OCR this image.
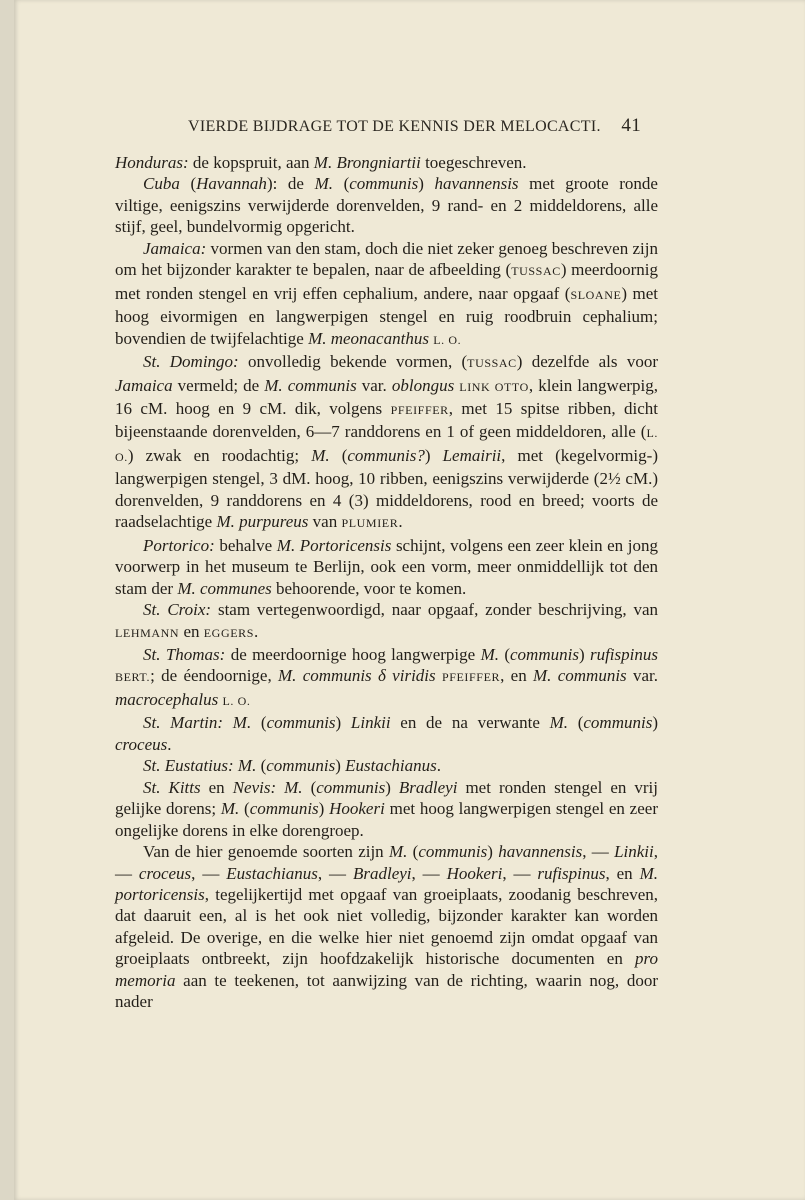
VIERDE BIJDRAGE TOT DE KENNIS DER MELOCACTI. 41

Honduras: de kopspruit, aan M. Brongniartii toegeschreven.

Cuba (Havannah): de M. (communis) havannensis met groote ronde viltige, eenigszins verwijderde dorenvelden, 9 rand- en 2 middeldorens, alle stijf, geel, bundelvormig opgericht.

Jamaica: vormen van den stam, doch die niet zeker genoeg beschreven zijn om het bijzonder karakter te bepalen, naar de afbeelding (TUSSAC) meerdoornig met ronden stengel en vrij effen cephalium, andere, naar opgaaf (SLOANE) met hoog eivormigen en langwerpigen stengel en ruig roodbruin cephalium; bovendien de twijfelachtige M. meonacanthus L. O.

St. Domingo: onvolledig bekende vormen, (TUSSAC) dezelfde als voor Jamaica vermeld; de M. communis var. oblongus LINK OTTO, klein langwerpig, 16 cM. hoog en 9 cM. dik, volgens PFEIFFER, met 15 spitse ribben, dicht bijeenstaande dorenvelden, 6—7 randdorens en 1 of geen middeldoren, alle (L. O.) zwak en roodachtig; M. (communis?) Lemairii, met (kegelvormig-) langwerpigen stengel, 3 dM. hoog, 10 ribben, eenigszins verwijderde (2½ cM.) dorenvelden, 9 randdorens en 4 (3) middeldorens, rood en breed; voorts de raadselachtige M. purpureus van PLUMIER.

Portorico: behalve M. Portoricensis schijnt, volgens een zeer klein en jong voorwerp in het museum te Berlijn, ook een vorm, meer onmiddellijk tot den stam der M. communes behoorende, voor te komen.

St. Croix: stam vertegenwoordigd, naar opgaaf, zonder beschrijving, van LEHMANN en EGGERS.

St. Thomas: de meerdoornige hoog langwerpige M. (communis) rufispinus BERT.; de éendoornige, M. communis δ viridis PFEIFFER, en M. communis var. macrocephalus L. O.

St. Martin: M. (communis) Linkii en de na verwante M. (communis) croceus.

St. Eustatius: M. (communis) Eustachianus.

St. Kitts en Nevis: M. (communis) Bradleyi met ronden stengel en vrij gelijke dorens; M. (communis) Hookeri met hoog langwerpigen stengel en zeer ongelijke dorens in elke dorengroep.

Van de hier genoemde soorten zijn M. (communis) havannensis, — Linkii, — croceus, — Eustachianus, — Bradleyi, — Hookeri, — rufispinus, en M. portoricensis, tegelijkertijd met opgaaf van groeiplaats, zoodanig beschreven, dat daaruit een, al is het ook niet volledig, bijzonder karakter kan worden afgeleid. De overige, en die welke hier niet genoemd zijn omdat opgaaf van groeiplaats ontbreekt, zijn hoofdzakelijk historische documenten en pro memoria aan te teekenen, tot aanwijzing van de richting, waarin nog, door nader
